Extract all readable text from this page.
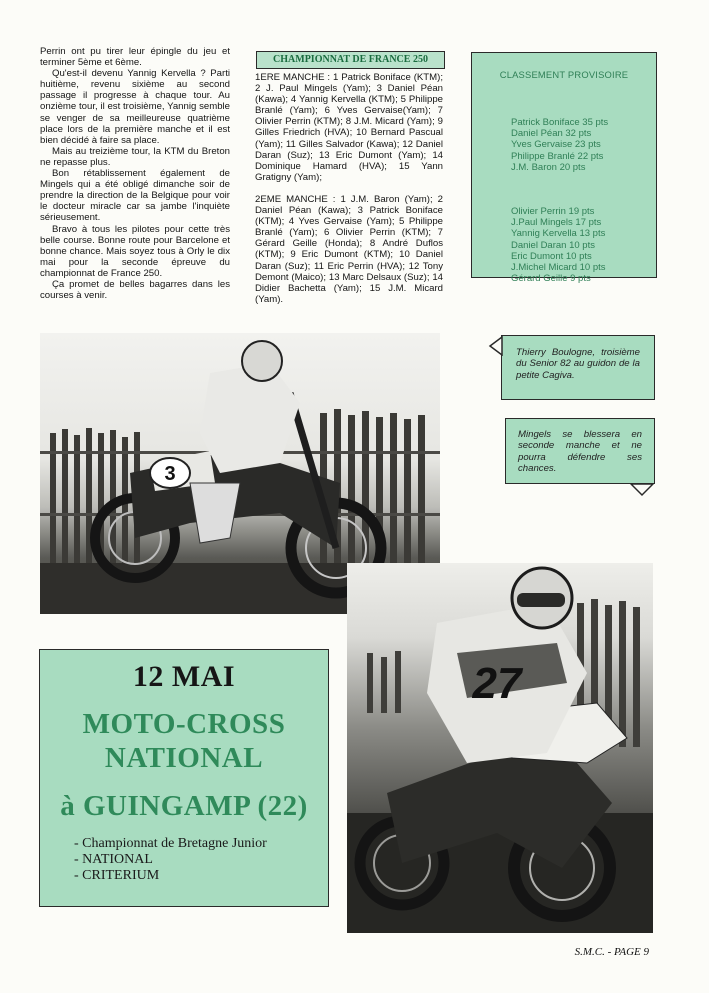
Perrin ont pu tirer leur épingle du jeu et terminer 5ème et 6ème.

Qu'est-il devenu Yannig Kervella ? Parti huitième, revenu sixième au second passage il progresse à chaque tour. Au onzième tour, il est troisième, Yannig semble se venger de sa meilleureuse quatrième place lors de la première manche et il est bien décidé à faire sa place.

Mais au treizième tour, la KTM du Breton ne repasse plus.

Bon rétablissement également de Mingels qui a été obligé dimanche soir de prendre la direction de la Belgique pour voir le docteur miracle car sa jambe l'inquiète sérieusement.

Bravo à tous les pilotes pour cette très belle course. Bonne route pour Barcelone et bonne chance. Mais soyez tous à Orly le dix mai pour la seconde épreuve du championnat de France 250.

Ça promet de belles bagarres dans les courses à venir.

CHAMPIONNAT DE FRANCE 250

1ERE MANCHE : 1 Patrick Boniface (KTM); 2 J. Paul Mingels (Yam); 3 Daniel Péan (Kawa); 4 Yannig Kervella (KTM); 5 Philippe Branlé (Yam); 6 Yves Gervaise(Yam); 7 Olivier Perrin (KTM); 8 J.M. Micard (Yam); 9 Gilles Friedrich (HVA); 10 Bernard Pascual (Yam); 11 Gilles Salvador (Kawa); 12 Daniel Daran (Suz); 13 Eric Dumont (Yam); 14 Dominique Hamard (HVA); 15 Yann Gratigny (Yam);

2EME MANCHE : 1 J.M. Baron (Yam); 2 Daniel Péan (Kawa); 3 Patrick Boniface (KTM); 4 Yves Gervaise (Yam); 5 Philippe Branlé (Yam); 6 Olivier Perrin (KTM); 7 Gérard Geille (Honda); 8 André Duflos (KTM); 9 Eric Dumont (KTM); 10 Daniel Daran (Suz); 11 Eric Perrin (HVA); 12 Tony Demont (Maico); 13 Marc Delsaux (Suz); 14 Didier Bachetta (Yam); 15 J.M. Micard (Yam).

CLASSEMENT PROVISOIRE
Patrick Boniface 35 pts
Daniel Péan 32 pts
Yves Gervaise 23 pts
Philippe Branlé 22 pts
J.M. Baron 20 pts
Olivier Perrin 19 pts
J.Paul Mingels 17 pts
Yannig Kervella 13 pts
Daniel Daran 10 pts
Eric Dumont 10 pts
J.Michel Micard 10 pts
Gérard Geille 9 pts
3
Thierry Boulogne, troisième du Senior 82 au guidon de la petite Cagiva.
Mingels se blessera en seconde manche et ne pourra défendre ses chances.
27
12 MAI
MOTO-CROSS
NATIONAL
à GUINGAMP (22)
- Championnat de Bretagne Junior
- NATIONAL
- CRITERIUM
S.M.C. - PAGE 9
